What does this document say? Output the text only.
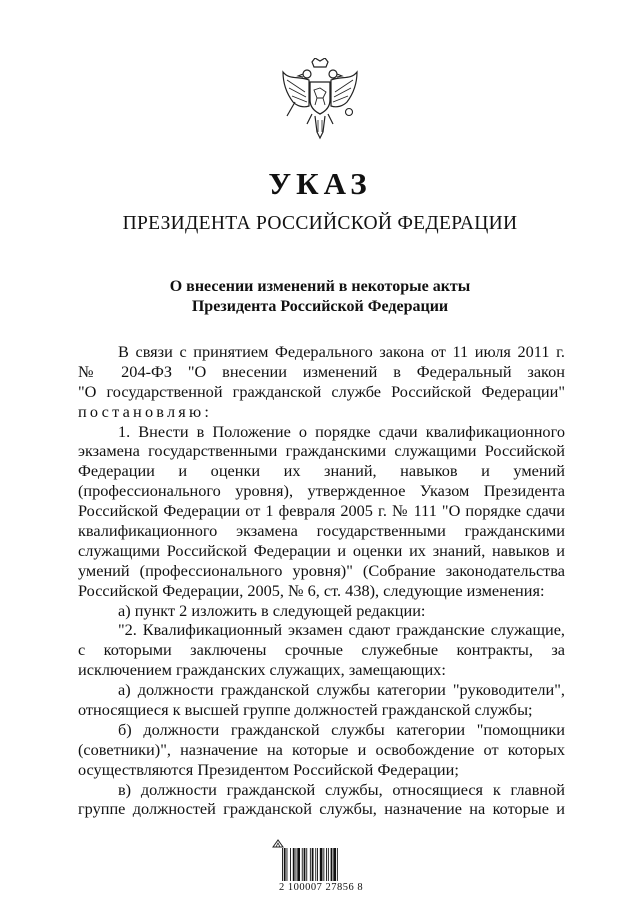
УКАЗ
ПРЕЗИДЕНТА РОССИЙСКОЙ ФЕДЕРАЦИИ
О внесении изменений в некоторые акты
Президента Российской Федерации
В связи с принятием Федерального закона от 11 июля 2011 г.
№ 204-ФЗ "О внесении изменений в Федеральный закон
"О государственной гражданской службе Российской Федерации"
постановляю:
1. Внести в Положение о порядке сдачи квалификационного
экзамена государственными гражданскими служащими Российской
Федерации и оценки их знаний, навыков и умений
(профессионального уровня), утвержденное Указом Президента
Российской Федерации от 1 февраля 2005 г. № 111 "О порядке сдачи
квалификационного экзамена государственными гражданскими
служащими Российской Федерации и оценки их знаний, навыков и
умений (профессионального уровня)" (Собрание законодательства
Российской Федерации, 2005, № 6, ст. 438), следующие изменения:
а) пункт 2 изложить в следующей редакции:
"2. Квалификационный экзамен сдают гражданские служащие,
с которыми заключены срочные служебные контракты, за
исключением гражданских служащих, замещающих:
а) должности гражданской службы категории "руководители",
относящиеся к высшей группе должностей гражданской службы;
б) должности гражданской службы категории "помощники
(советники)", назначение на которые и освобождение от которых
осуществляются Президентом Российской Федерации;
в) должности гражданской службы, относящиеся к главной
группе должностей гражданской службы, назначение на которые и
2 100007 27856 8
